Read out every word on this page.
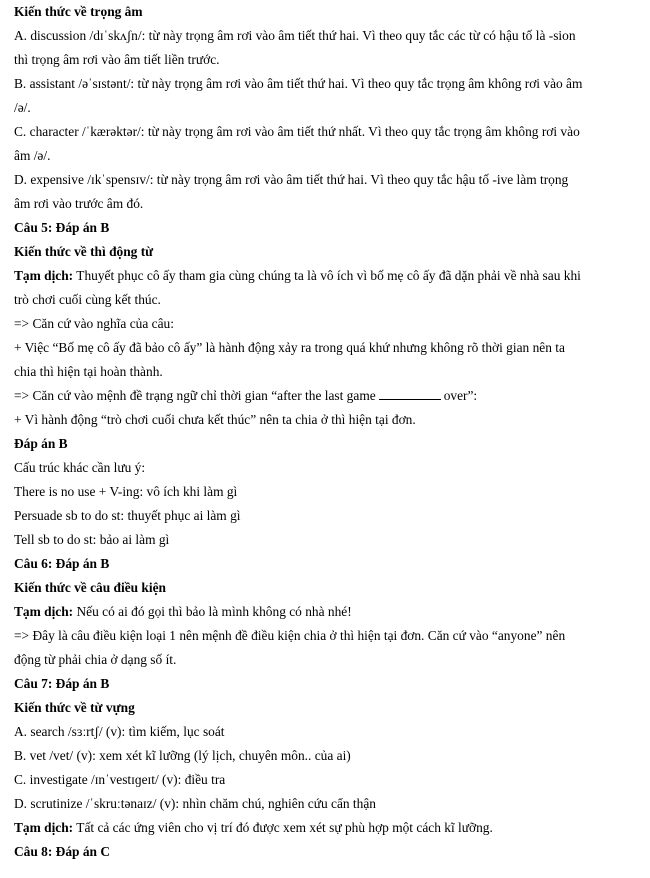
Kiến thức về trọng âm
A. discussion /dɪˈskʌʃn/: từ này trọng âm rơi vào âm tiết thứ hai. Vì theo quy tắc các từ có hậu tố là -sion
thì trọng âm rơi vào âm tiết liền trước.
B. assistant /əˈsɪstənt/: từ này trọng âm rơi vào âm tiết thứ hai. Vì theo quy tắc trọng âm không rơi vào âm
/ə/.
C. character /ˈkærəktər/: từ này trọng âm rơi vào âm tiết thứ nhất. Vì theo quy tắc trọng âm không rơi vào
âm /ə/.
D. expensive /ɪkˈspensɪv/: từ này trọng âm rơi vào âm tiết thứ hai. Vì theo quy tắc hậu tố -ive làm trọng
âm rơi vào trước âm đó.
Câu 5: Đáp án B
Kiến thức về thì động từ
Tạm dịch: Thuyết phục cô ấy tham gia cùng chúng ta là vô ích vì bố mẹ cô ấy đã dặn phải về nhà sau khi
trò chơi cuối cùng kết thúc.
=> Căn cứ vào nghĩa của câu:
+ Việc “Bố mẹ cô ấy đã bảo cô ấy” là hành động xảy ra trong quá khứ nhưng không rõ thời gian nên ta
chia thì hiện tại hoàn thành.
=> Căn cứ vào mệnh đề trạng ngữ chỉ thời gian “after the last game	over”:
+ Vì hành động “trò chơi cuối chưa kết thúc” nên ta chia ở thì hiện tại đơn.
Đáp án B
Cấu trúc khác cần lưu ý:
There is no use + V-ing: vô ích khi làm gì
Persuade sb to do st: thuyết phục ai làm gì
Tell sb to do st: bảo ai làm gì
Câu 6: Đáp án B
Kiến thức về câu điều kiện
Tạm dịch: Nếu có ai đó gọi thì bảo là mình không có nhà nhé!
=> Đây là câu điều kiện loại 1 nên mệnh đề điều kiện chia ở thì hiện tại đơn. Căn cứ vào “anyone” nên
động từ phải chia ở dạng số ít.
Câu 7: Đáp án B
Kiến thức về từ vựng
A. search /sɜːrtʃ/ (v): tìm kiếm, lục soát
B. vet /vet/ (v): xem xét kĩ lưỡng (lý lịch, chuyên môn.. của ai)
C. investigate /ɪnˈvestɪɡeɪt/ (v): điều tra
D. scrutinize /ˈskruːtənaɪz/ (v): nhìn chăm chú, nghiên cứu cẩn thận
Tạm dịch: Tất cả các ứng viên cho vị trí đó được xem xét sự phù hợp một cách kĩ lưỡng.
Câu 8: Đáp án C
